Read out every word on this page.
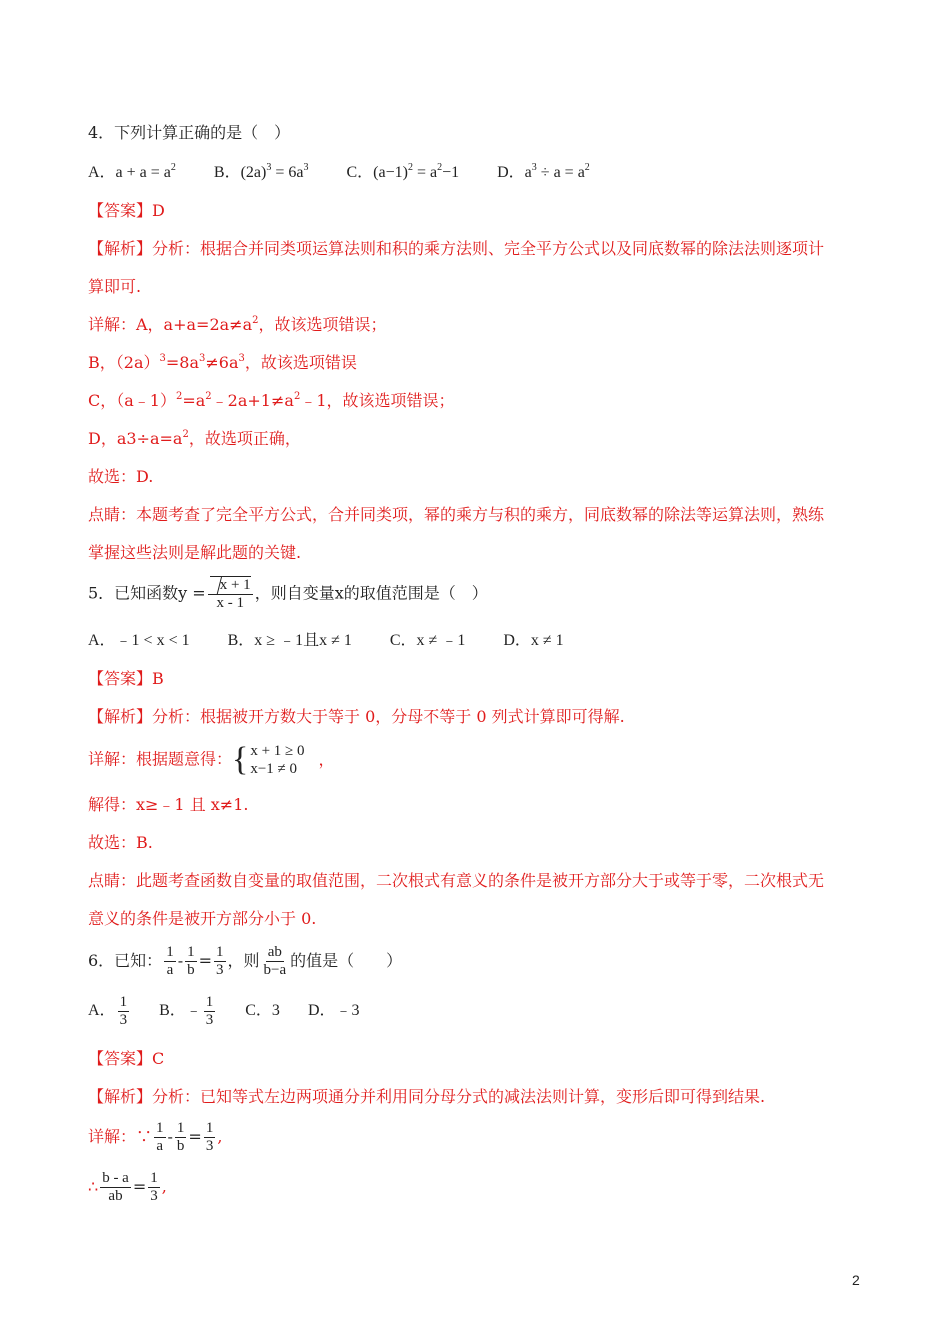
4．下列计算正确的是（　）
A．$a + a = a^2$ B．$(2a)^3 = 6a^3$ C．$(a-1)^2 = a^2-1$ D．$a^3 \div a = a^2$
【答案】D
【解析】分析：根据合并同类项运算法则和积的乘方法则、完全平方公式以及同底数幂的除法法则逐项计
算即可.
详解：A，$a+a=2a\ne a^2$，故该选项错误；
B，$(2a)^3=8a^3\ne 6a^3$，故该选项错误
C，$(a﹣1)^2=a^2﹣2a+1\ne a^2﹣1$，故该选项错误；
D，$a3\div a=a^2$，故选项正确，
故选：D.
点睛：本题考查了完全平方公式，合并同类项，幂的乘方与积的乘方，同底数幂的除法等运算法则，熟练
掌握这些法则是解此题的关键.
5．已知函数$y = \frac{x + 1}{x - 1}$ ，则自变量x的取值范围是（　）
A．﹣1 < x < 1 B．x ≥ ﹣1且x ≠ 1 C．x ≠ ﹣1 D．x ≠ 1
【答案】B
【解析】分析：根据被开方数大于等于 0，分母不等于 0 列式计算即可得解.
详解：根据题意得： { x + 1 ≥ 0
x−1 ≠ 0
，
解得：x≥﹣1 且 x≠1.
故选：B.
点睛：此题考查函数自变量的取值范围，二次根式有意义的条件是被开方部分大于或等于零，二次根式无
意义的条件是被开方部分小于 0.
6．已知： $\frac{1}{a} - \frac{1}{b} = \frac{1}{3}$ ，则 $\frac{ab}{b-a}$ 的值是（　　）
A． $\frac{1}{3}$ B．﹣ $\frac{1}{3}$ C．3 D．﹣3
【答案】C
【解析】分析：已知等式左边两项通分并利用同分母分式的减法法则计算，变形后即可得到结果.
详解：∵ $\frac{1}{a} - \frac{1}{b} = \frac{1}{3}$ ,
∴ $\frac{b - a}{ab} = \frac{1}{3}$ ,
2
